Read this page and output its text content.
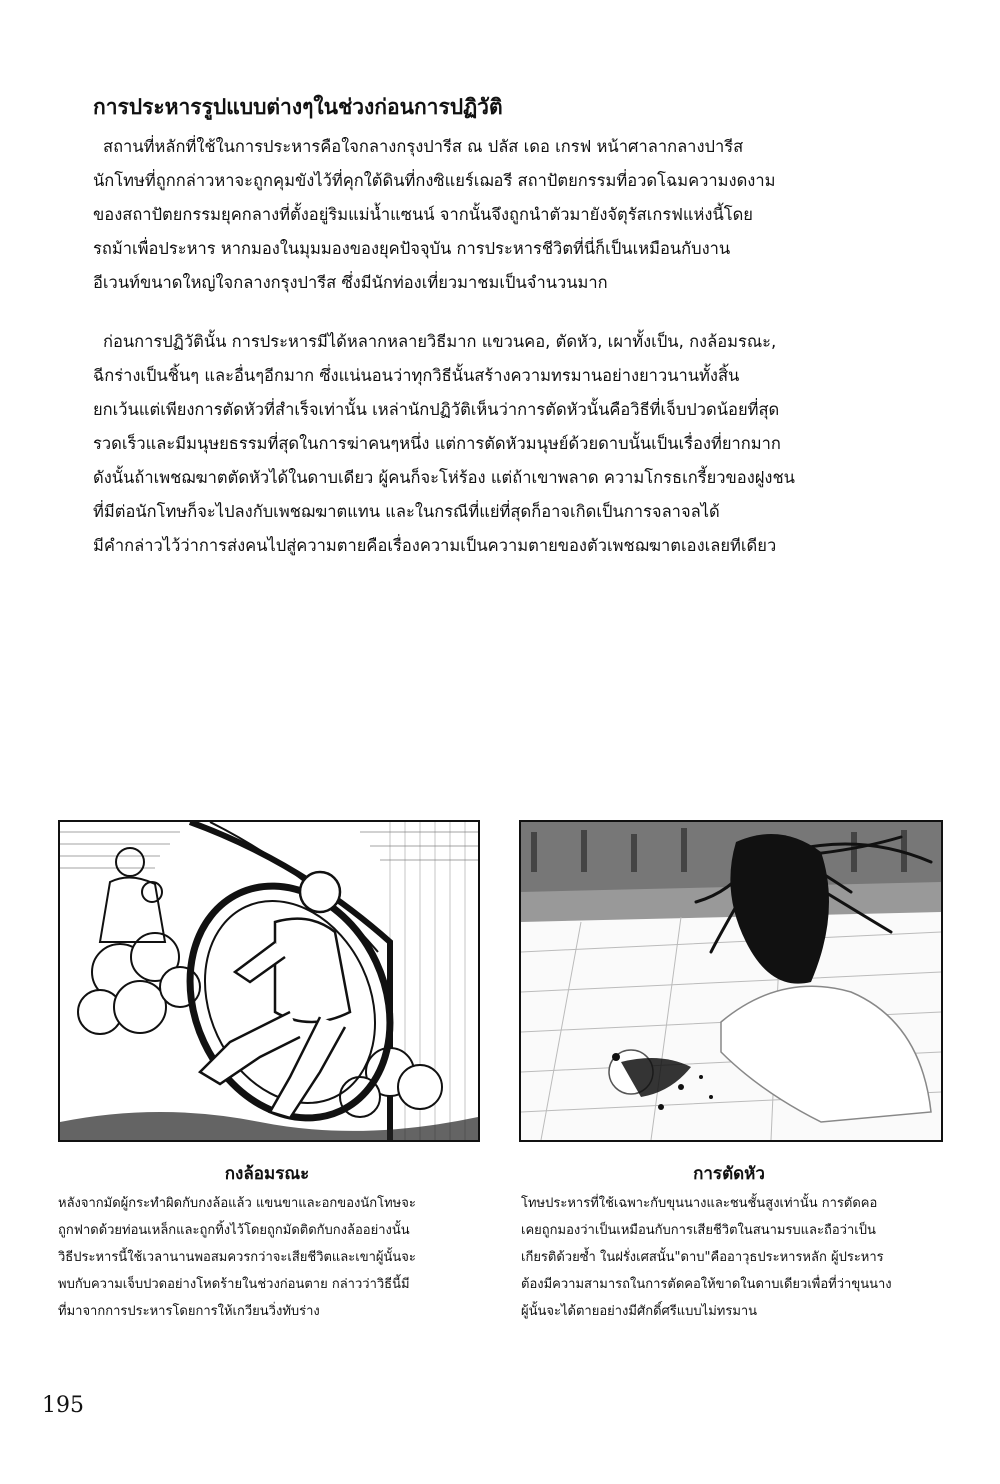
การประหารรูปแบบต่างๆในช่วงก่อนการปฏิวัติ

สถานที่หลักที่ใช้ในการประหารคือใจกลางกรุงปารีส ณ ปลัส เดอ เกรฟ หน้าศาลากลางปารีส
นักโทษที่ถูกกล่าวหาจะถูกคุมขังไว้ที่คุกใต้ดินที่กงซิแยร์เฌอรี สถาปัตยกรรมที่อวดโฉมความงดงาม
ของสถาปัตยกรรมยุคกลางที่ตั้งอยู่ริมแม่น้ำแซนน์ จากนั้นจึงถูกนำตัวมายังจัตุรัสเกรฟแห่งนี้โดย
รถม้าเพื่อประหาร หากมองในมุมมองของยุคปัจจุบัน การประหารชีวิตที่นี่ก็เป็นเหมือนกับงาน
อีเวนท์ขนาดใหญ่ใจกลางกรุงปารีส ซึ่งมีนักท่องเที่ยวมาชมเป็นจำนวนมาก

ก่อนการปฏิวัตินั้น การประหารมีได้หลากหลายวิธีมาก แขวนคอ, ตัดหัว, เผาทั้งเป็น, กงล้อมรณะ,
ฉีกร่างเป็นชิ้นๆ และอื่นๆอีกมาก ซึ่งแน่นอนว่าทุกวิธีนั้นสร้างความทรมานอย่างยาวนานทั้งสิ้น
ยกเว้นแต่เพียงการตัดหัวที่สำเร็จเท่านั้น เหล่านักปฏิวัติเห็นว่าการตัดหัวนั้นคือวิธีที่เจ็บปวดน้อยที่สุด
รวดเร็วและมีมนุษยธรรมที่สุดในการฆ่าคนๆหนึ่ง แต่การตัดหัวมนุษย์ด้วยดาบนั้นเป็นเรื่องที่ยากมาก
ดังนั้นถ้าเพชฌฆาตตัดหัวได้ในดาบเดียว ผู้คนก็จะโห่ร้อง แต่ถ้าเขาพลาด ความโกรธเกรี้ยวของฝูงชน
ที่มีต่อนักโทษก็จะไปลงกับเพชฌฆาตแทน และในกรณีที่แย่ที่สุดก็อาจเกิดเป็นการจลาจลได้
มีคำกล่าวไว้ว่าการส่งคนไปสู่ความตายคือเรื่องความเป็นความตายของตัวเพชฌฆาตเองเลยทีเดียว

กงล้อมรณะ

หลังจากมัดผู้กระทำผิดกับกงล้อแล้ว แขนขาและอกของนักโทษจะ
ถูกฟาดด้วยท่อนเหล็กและถูกทิ้งไว้โดยถูกมัดติดกับกงล้ออย่างนั้น
วิธีประหารนี้ใช้เวลานานพอสมควรกว่าจะเสียชีวิตและเขาผู้นั้นจะ
พบกับความเจ็บปวดอย่างโหดร้ายในช่วงก่อนตาย กล่าวว่าวิธีนี้มี
ที่มาจากการประหารโดยการให้เกวียนวิ่งทับร่าง

การตัดหัว

โทษประหารที่ใช้เฉพาะกับขุนนางและชนชั้นสูงเท่านั้น การตัดคอ
เคยถูกมองว่าเป็นเหมือนกับการเสียชีวิตในสนามรบและถือว่าเป็น
เกียรติด้วยซ้ำ ในฝรั่งเศสนั้น"ดาบ"คืออาวุธประหารหลัก ผู้ประหาร
ต้องมีความสามารถในการตัดคอให้ขาดในดาบเดียวเพื่อที่ว่าขุนนาง
ผู้นั้นจะได้ตายอย่างมีศักดิ์ศรีแบบไม่ทรมาน

195
